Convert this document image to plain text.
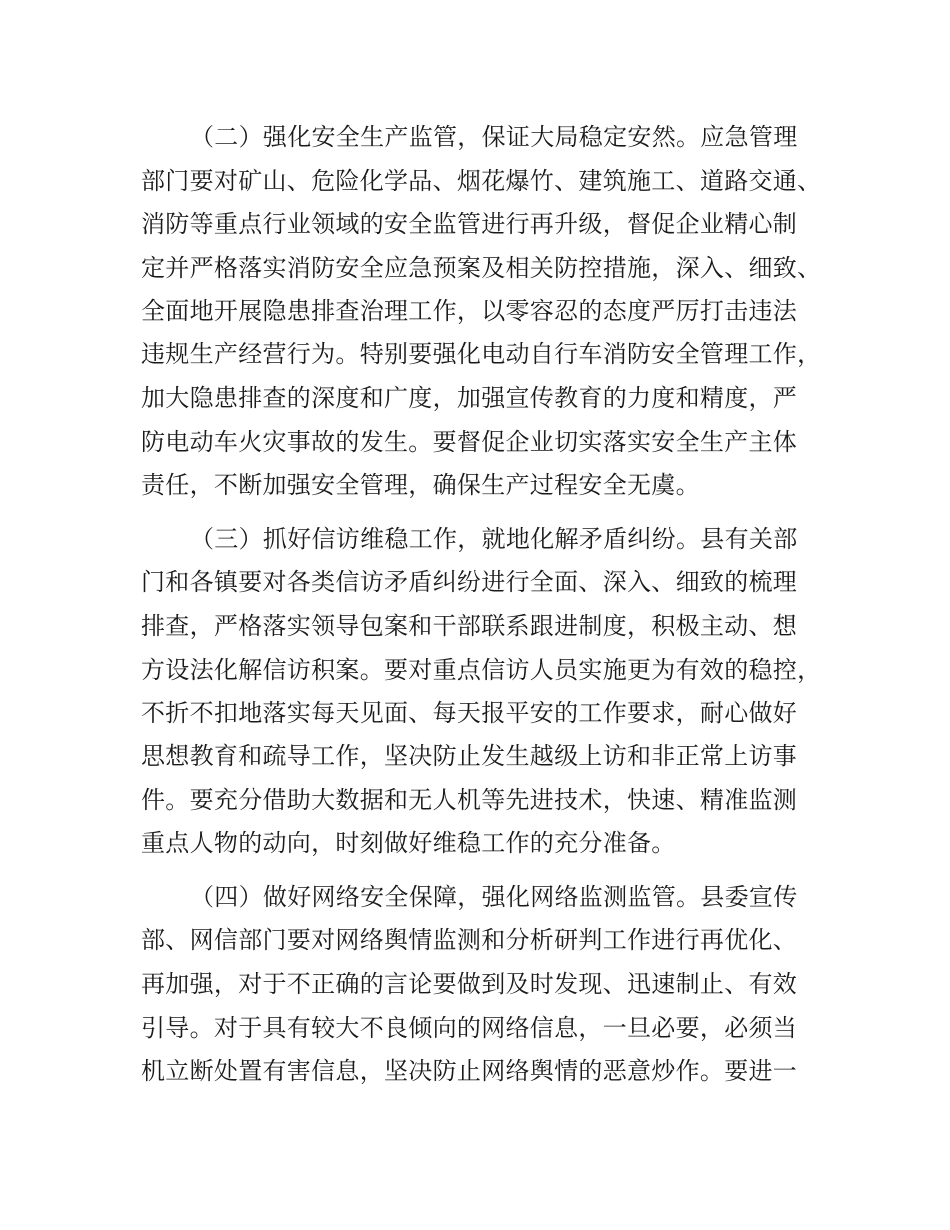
（二）强化安全生产监管，保证大局稳定安然。应急管理
部门要对矿山、危险化学品、烟花爆竹、建筑施工、道路交通、
消防等重点行业领域的安全监管进行再升级，督促企业精心制
定并严格落实消防安全应急预案及相关防控措施，深入、细致、
全面地开展隐患排查治理工作，以零容忍的态度严厉打击违法
违规生产经营行为。特别要强化电动自行车消防安全管理工作，
加大隐患排查的深度和广度，加强宣传教育的力度和精度，严
防电动车火灾事故的发生。要督促企业切实落实安全生产主体
责任，不断加强安全管理，确保生产过程安全无虞。
（三）抓好信访维稳工作，就地化解矛盾纠纷。县有关部
门和各镇要对各类信访矛盾纠纷进行全面、深入、细致的梳理
排查，严格落实领导包案和干部联系跟进制度，积极主动、想
方设法化解信访积案。要对重点信访人员实施更为有效的稳控，
不折不扣地落实每天见面、每天报平安的工作要求，耐心做好
思想教育和疏导工作，坚决防止发生越级上访和非正常上访事
件。要充分借助大数据和无人机等先进技术，快速、精准监测
重点人物的动向，时刻做好维稳工作的充分准备。
（四）做好网络安全保障，强化网络监测监管。县委宣传
部、网信部门要对网络舆情监测和分析研判工作进行再优化、
再加强，对于不正确的言论要做到及时发现、迅速制止、有效
引导。对于具有较大不良倾向的网络信息，一旦必要，必须当
机立断处置有害信息，坚决防止网络舆情的恶意炒作。要进一
